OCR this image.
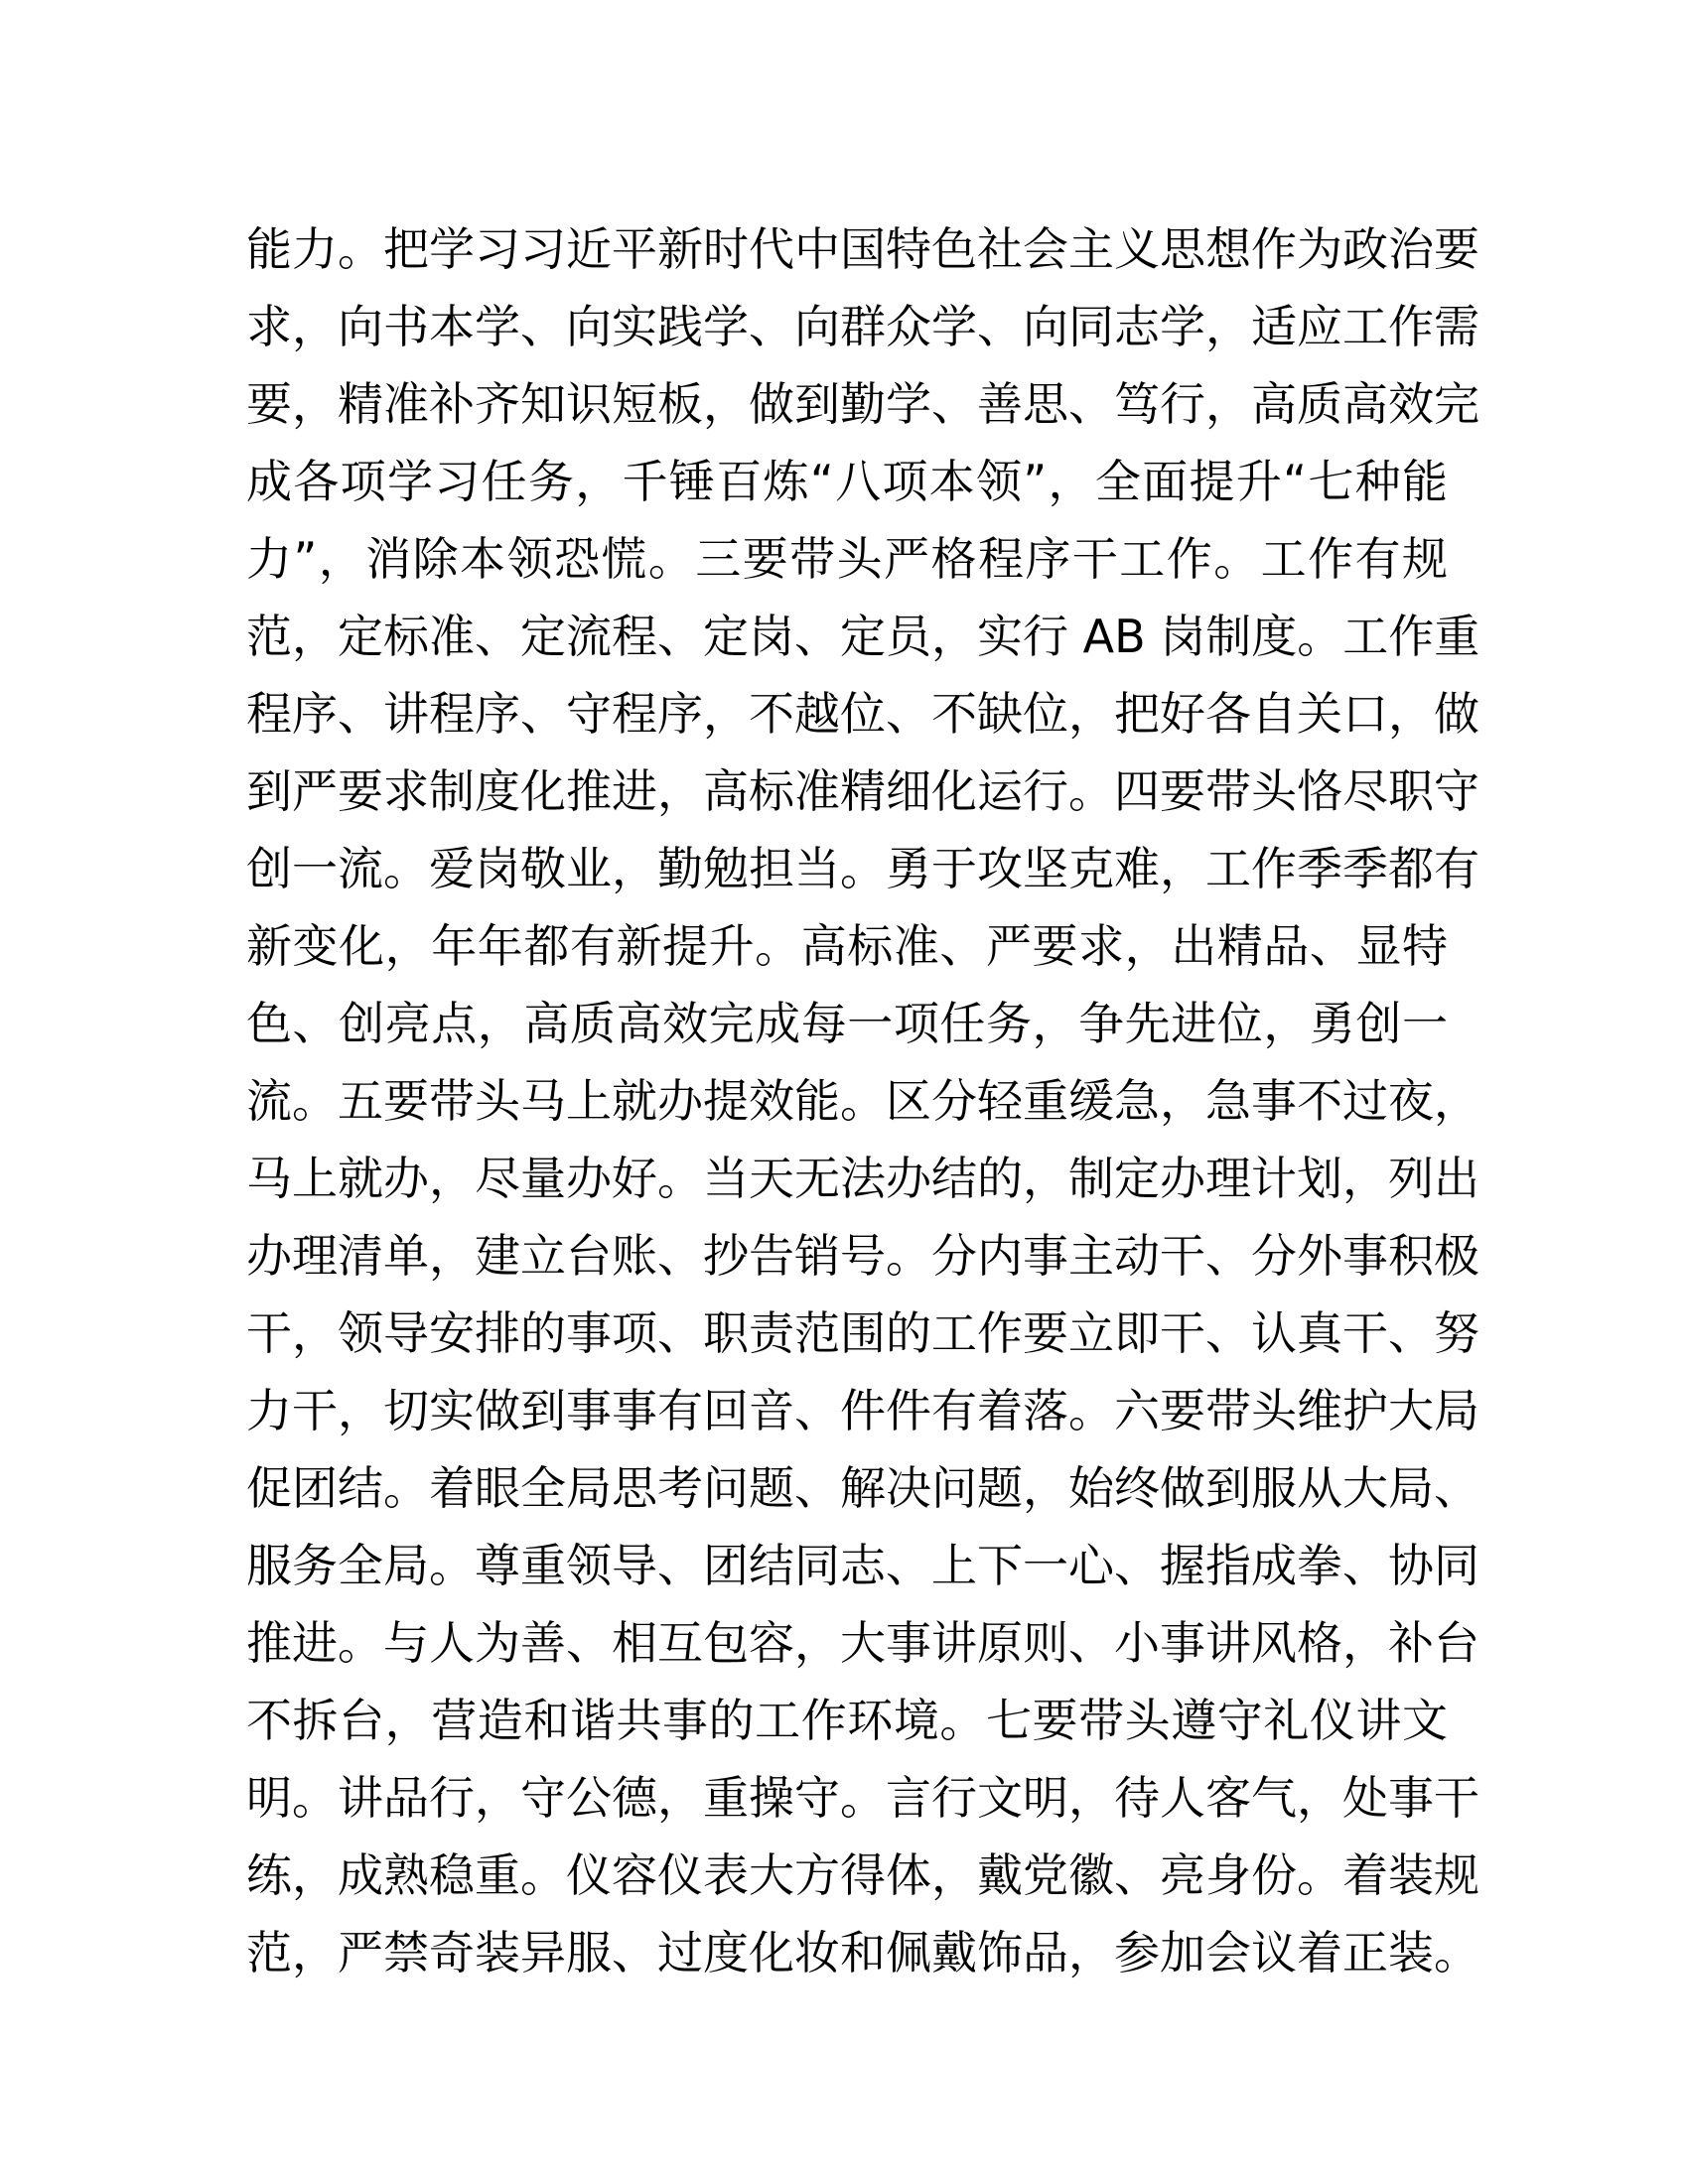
能力。把学习习近平新时代中国特色社会主义思想作为政治要
求，向书本学、向实践学、向群众学、向同志学，适应工作需
要，精准补齐知识短板，做到勤学、善思、笃行，高质高效完
成各项学习任务，千锤百炼“八项本领”，全面提升“七种能
力”，消除本领恐慌。三要带头严格程序干工作。工作有规
范，定标准、定流程、定岗、定员，实行 AB 岗制度。工作重
程序、讲程序、守程序，不越位、不缺位，把好各自关口，做
到严要求制度化推进，高标准精细化运行。四要带头恪尽职守
创一流。爱岗敬业，勤勉担当。勇于攻坚克难，工作季季都有
新变化，年年都有新提升。高标准、严要求，出精品、显特
色、创亮点，高质高效完成每一项任务，争先进位，勇创一
流。五要带头马上就办提效能。区分轻重缓急，急事不过夜，
马上就办，尽量办好。当天无法办结的，制定办理计划，列出
办理清单，建立台账、抄告销号。分内事主动干、分外事积极
干，领导安排的事项、职责范围的工作要立即干、认真干、努
力干，切实做到事事有回音、件件有着落。六要带头维护大局
促团结。着眼全局思考问题、解决问题，始终做到服从大局、
服务全局。尊重领导、团结同志、上下一心、握指成拳、协同
推进。与人为善、相互包容，大事讲原则、小事讲风格，补台
不拆台，营造和谐共事的工作环境。七要带头遵守礼仪讲文
明。讲品行，守公德，重操守。言行文明，待人客气，处事干
练，成熟稳重。仪容仪表大方得体，戴党徽、亮身份。着装规
范，严禁奇装异服、过度化妆和佩戴饰品，参加会议着正装。
